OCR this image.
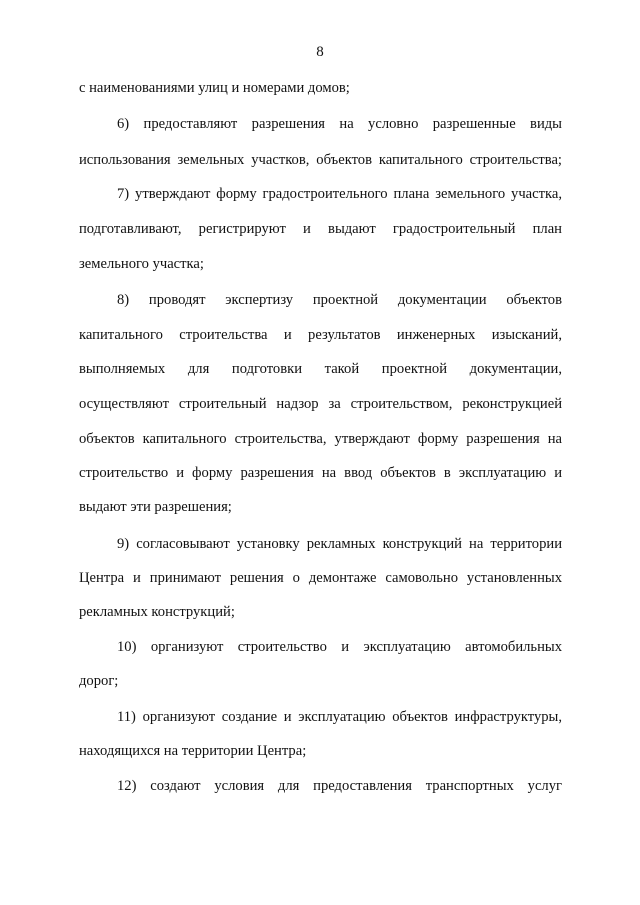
8
с наименованиями улиц и номерами домов;
6) предоставляют разрешения на условно разрешенные виды
использования земельных участков, объектов капитального строительства;
7) утверждают форму градостроительного плана земельного участка,
подготавливают, регистрируют и выдают градостроительный план
земельного участка;
8) проводят экспертизу проектной документации объектов
капитального строительства и результатов инженерных изысканий,
выполняемых для подготовки такой проектной документации,
осуществляют строительный надзор за строительством, реконструкцией
объектов капитального строительства, утверждают форму разрешения на
строительство и форму разрешения на ввод объектов в эксплуатацию и
выдают эти разрешения;
9) согласовывают установку рекламных конструкций на территории
Центра и принимают решения о демонтаже самовольно установленных
рекламных конструкций;
10) организуют строительство и эксплуатацию автомобильных
дорог;
11) организуют создание и эксплуатацию объектов инфраструктуры,
находящихся на территории Центра;
12) создают условия для предоставления транспортных услуг
